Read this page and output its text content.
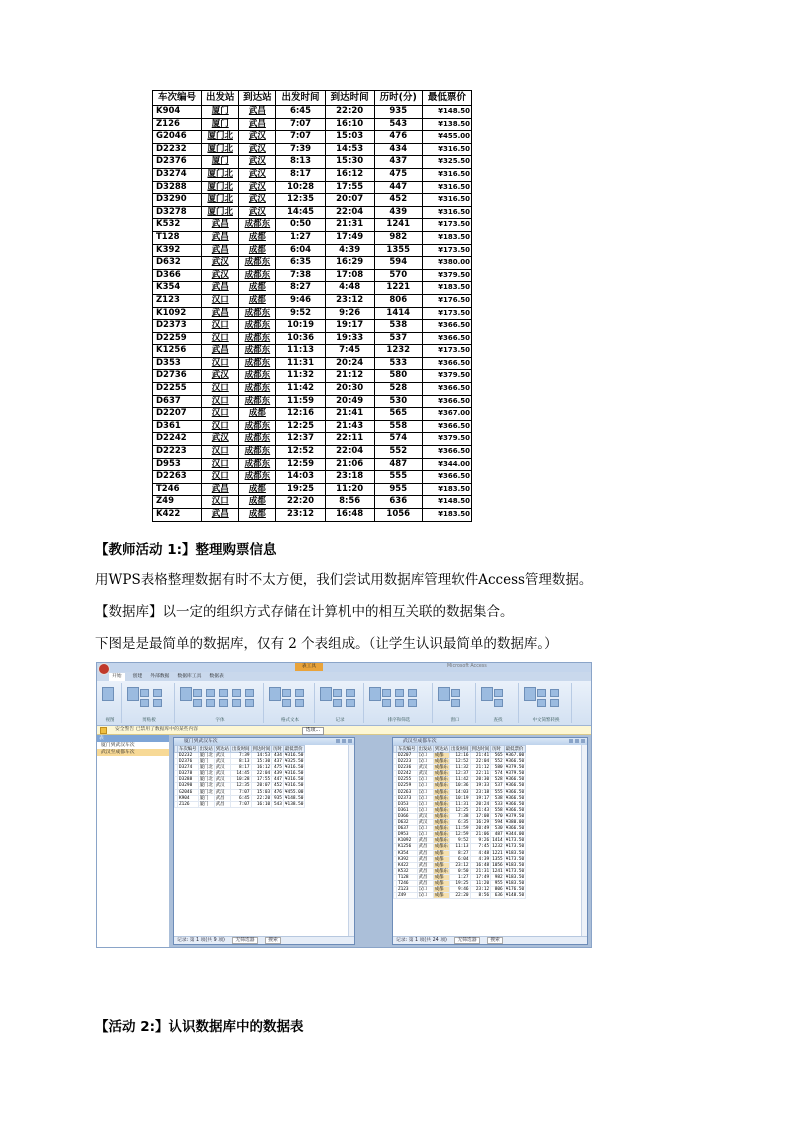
车次编号	出发站	到达站	出发时间	到达时间	历时(分)	最低票价
K904	厦门	武昌	6:45	22:20	935	¥148.50
Z126	厦门	武昌	7:07	16:10	543	¥138.50
G2046	厦门北	武汉	7:07	15:03	476	¥455.00
D2232	厦门北	武汉	7:39	14:53	434	¥316.50
D2376	厦门	武汉	8:13	15:30	437	¥325.50
D3274	厦门北	武汉	8:17	16:12	475	¥316.50
D3288	厦门北	武汉	10:28	17:55	447	¥316.50
D3290	厦门北	武汉	12:35	20:07	452	¥316.50
D3278	厦门北	武汉	14:45	22:04	439	¥316.50
K532	武昌	成都东	0:50	21:31	1241	¥173.50
T128	武昌	成都	1:27	17:49	982	¥183.50
K392	武昌	成都	6:04	4:39	1355	¥173.50
D632	武汉	成都东	6:35	16:29	594	¥380.00
D366	武汉	成都东	7:38	17:08	570	¥379.50
K354	武昌	成都	8:27	4:48	1221	¥183.50
Z123	汉口	成都	9:46	23:12	806	¥176.50
K1092	武昌	成都东	9:52	9:26	1414	¥173.50
D2373	汉口	成都东	10:19	19:17	538	¥366.50
D2259	汉口	成都东	10:36	19:33	537	¥366.50
K1256	武昌	成都东	11:13	7:45	1232	¥173.50
D353	汉口	成都东	11:31	20:24	533	¥366.50
D2736	武汉	成都东	11:32	21:12	580	¥379.50
D2255	汉口	成都东	11:42	20:30	528	¥366.50
D637	汉口	成都东	11:59	20:49	530	¥366.50
D2207	汉口	成都	12:16	21:41	565	¥367.00
D361	汉口	成都东	12:25	21:43	558	¥366.50
D2242	武汉	成都东	12:37	22:11	574	¥379.50
D2223	汉口	成都东	12:52	22:04	552	¥366.50
D953	汉口	成都东	12:59	21:06	487	¥344.00
D2263	汉口	成都东	14:03	23:18	555	¥366.50
T246	武昌	成都	19:25	11:20	955	¥183.50
Z49	汉口	成都	22:20	8:56	636	¥148.50
K422	武昌	成都	23:12	16:48	1056	¥183.50
【教师活动 1:】整理购票信息
用WPS表格整理数据有时不太方便，我们尝试用数据库管理软件Access管理数据。
【数据库】以一定的组织方式存储在计算机中的相互关联的数据集合。
下图是是最简单的数据库，仅有 2 个表组成。（让学生认识最简单的数据库。）
表工具	Microsoft Access
开始	创建 外部数据 数据库工具 数据表
视图	剪贴板	字体	格式文本	记录	排序和筛选	窗口	查找	中文简繁转换
安全警告 已禁用了数据库中的某些内容	选项...
表
厦门到武汉车次
武汉至成都车次
厦门到武汉车次
	车次编号	出发站	到达站	出发时间	到达时间	历时	最低票价
	D2232	厦门北	武汉	7:39	14:53	434	¥316.50
	D2376	厦门	武汉	8:13	15:30	437	¥325.50
	D3274	厦门北	武汉	8:17	16:12	475	¥316.50
	D3278	厦门北	武汉	14:45	22:04	439	¥316.50
	D3288	厦门北	武汉	10:28	17:55	447	¥316.50
	D3290	厦门北	武汉	12:35	20:07	452	¥316.50
	G2046	厦门北	武汉	7:07	15:03	476	¥455.00
	K904	厦门	武昌	6:45	22:20	935	¥148.50
	Z126	厦门	武昌	7:07	16:10	543	¥138.50
记录: 第 1 项(共 9 项) 无筛选器	搜索
武汉至成都车次
	车次编号	出发站	到达站	出发时间	到达时间	历时	最低票价
	D2207	汉口	成都	12:16	21:41	565	¥367.00
	D2223	汉口	成都东	12:52	22:04	552	¥366.50
	D2236	武汉	成都东	11:32	21:12	580	¥379.50
	D2242	武汉	成都东	12:37	22:11	574	¥379.50
	D2255	汉口	成都东	11:42	20:30	528	¥366.50
	D2259	汉口	成都东	10:36	19:33	537	¥366.50
	D2263	汉口	成都东	14:03	23:18	555	¥366.50
	D2373	汉口	成都东	10:19	19:17	538	¥366.50
	D353	汉口	成都东	11:31	20:24	533	¥366.50
	D361	汉口	成都东	12:25	21:43	558	¥366.50
	D366	武汉	成都东	7:38	17:08	570	¥379.50
	D632	武汉	成都东	6:35	16:29	594	¥380.00
	D637	汉口	成都东	11:59	20:49	530	¥366.50
	D953	汉口	成都东	12:59	21:06	487	¥344.00
	K1092	武昌	成都东	9:52	9:26	1414	¥173.50
	K1256	武昌	成都东	11:13	7:45	1232	¥173.50
	K354	武昌	成都	8:27	4:48	1221	¥183.50
	K392	武昌	成都	6:04	4:39	1355	¥173.50
	K422	武昌	成都	23:12	16:48	1056	¥183.50
	K532	武昌	成都东	0:50	21:31	1241	¥173.50
	T128	武昌	成都	1:27	17:49	982	¥183.50
	T246	武昌	成都	19:25	11:20	955	¥183.50
	Z123	汉口	成都	9:46	23:12	806	¥176.50
	Z49	汉口	成都	22:20	8:56	636	¥148.50
记录: 第 1 项(共 24 项) 无筛选器	搜索
【活动 2:】认识数据库中的数据表
